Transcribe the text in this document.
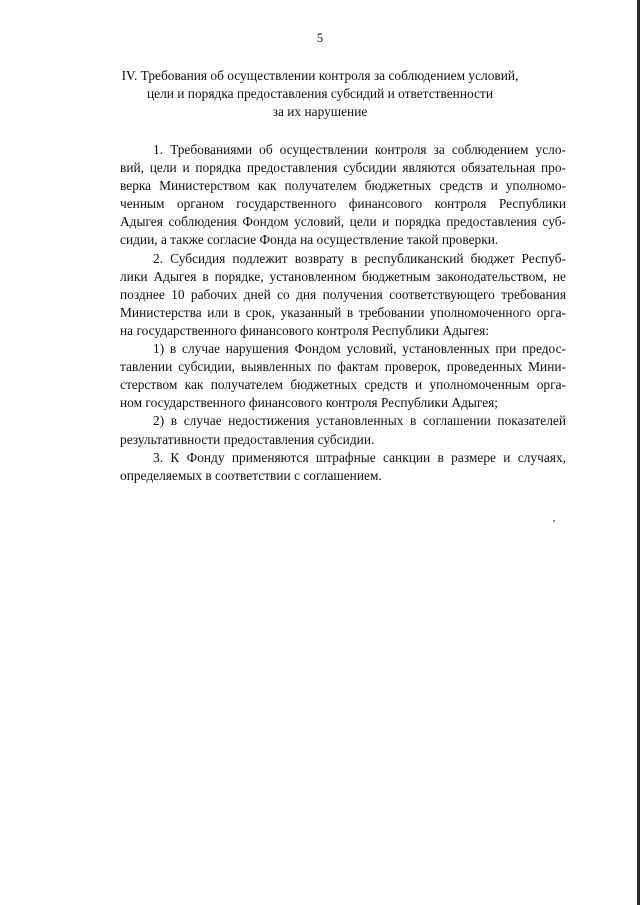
5
IV. Требования об осуществлении контроля за соблюдением условий,
цели и порядка предоставления субсидий и ответственности
за их нарушение
1. Требованиями об осуществлении контроля за соблюдением усло-
вий, цели и порядка предоставления субсидии являются обязательная про-
верка Министерством как получателем бюджетных средств и уполномо-
ченным органом государственного финансового контроля Республики
Адыгея соблюдения Фондом условий, цели и порядка предоставления суб-
сидии, а также согласие Фонда на осуществление такой проверки.
2. Субсидия подлежит возврату в республиканский бюджет Респуб-
лики Адыгея в порядке, установленном бюджетным законодательством, не
позднее 10 рабочих дней со дня получения соответствующего требования
Министерства или в срок, указанный в требовании уполномоченного орга-
на государственного финансового контроля Республики Адыгея:
1) в случае нарушения Фондом условий, установленных при предос-
тавлении субсидии, выявленных по фактам проверок, проведенных Мини-
стерством как получателем бюджетных средств и уполномоченным орга-
ном государственного финансового контроля Республики Адыгея;
2) в случае недостижения установленных в соглашении показателей
результативности предоставления субсидии.
3. К Фонду применяются штрафные санкции в размере и случаях,
определяемых в соответствии с соглашением.
